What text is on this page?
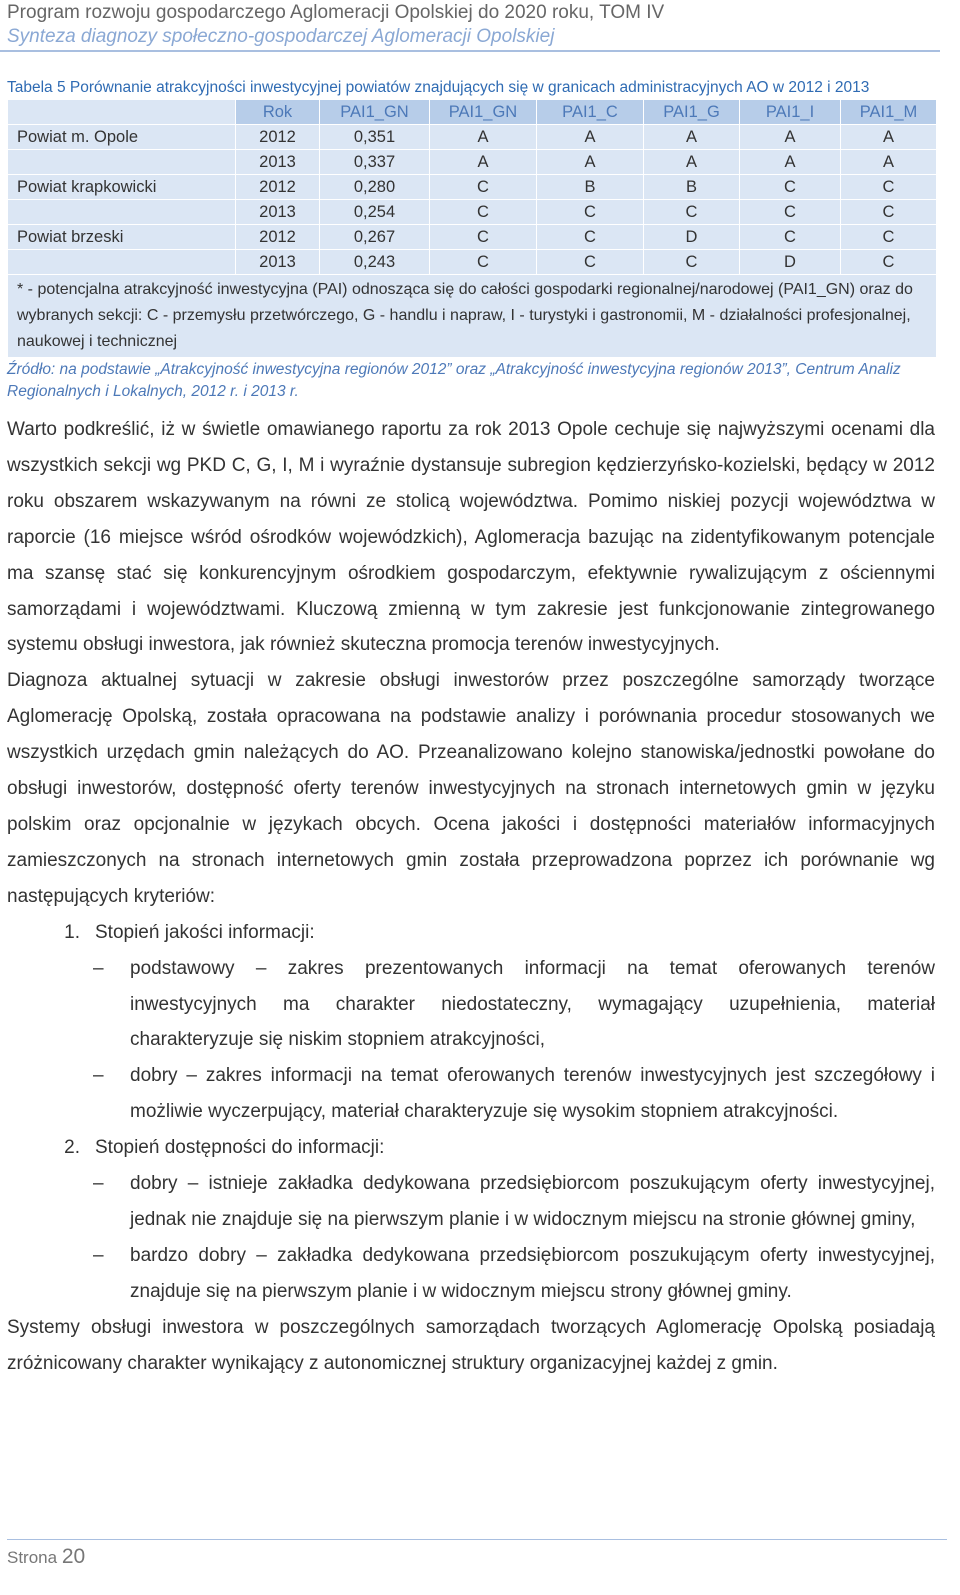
Program rozwoju gospodarczego Aglomeracji Opolskiej do 2020 roku, TOM IV
Synteza diagnozy społeczno-gospodarczej Aglomeracji Opolskiej
Tabela 5 Porównanie atrakcyjności inwestycyjnej powiatów znajdujących się w granicach administracyjnych AO w 2012 i 2013
	Rok	PAI1_GN	PAI1_GN	PAI1_C	PAI1_G	PAI1_I	PAI1_M
Powiat m. Opole	2012	0,351	A	A	A	A	A
	2013	0,337	A	A	A	A	A
Powiat krapkowicki	2012	0,280	C	B	B	C	C
	2013	0,254	C	C	C	C	C
Powiat brzeski	2012	0,267	C	C	D	C	C
	2013	0,243	C	C	C	D	C
* - potencjalna atrakcyjność inwestycyjna (PAI) odnosząca się do całości gospodarki regionalnej/narodowej (PAI1_GN) oraz do wybranych sekcji: C - przemysłu przetwórczego, G - handlu i napraw, I - turystyki i gastronomii, M - działalności profesjonalnej, naukowej i technicznej							
Źródło: na podstawie „Atrakcyjność inwestycyjna regionów 2012” oraz „Atrakcyjność inwestycyjna regionów 2013”, Centrum Analiz Regionalnych i Lokalnych, 2012 r. i 2013 r.

Warto podkreślić, iż w świetle omawianego raportu za rok 2013 Opole cechuje się najwyższymi ocenami dla wszystkich sekcji wg PKD C, G, I, M i wyraźnie dystansuje subregion kędzierzyńsko-kozielski, będący w 2012 roku obszarem wskazywanym na równi ze stolicą województwa. Pomimo niskiej pozycji województwa w raporcie (16 miejsce wśród ośrodków wojewódzkich), Aglomeracja bazując na zidentyfikowanym potencjale ma szansę stać się konkurencyjnym ośrodkiem gospodarczym, efektywnie rywalizującym z ościennymi samorządami i województwami. Kluczową zmienną w tym zakresie jest funkcjonowanie zintegrowanego systemu obsługi inwestora, jak również skuteczna promocja terenów inwestycyjnych.

Diagnoza aktualnej sytuacji w zakresie obsługi inwestorów przez poszczególne samorządy tworzące Aglomerację Opolską, została opracowana na podstawie analizy i porównania procedur stosowanych we wszystkich urzędach gmin należących do AO. Przeanalizowano kolejno stanowiska/jednostki powołane do obsługi inwestorów, dostępność oferty terenów inwestycyjnych na stronach internetowych gmin w języku polskim oraz opcjonalnie w językach obcych. Ocena jakości i dostępności materiałów informacyjnych zamieszczonych na stronach internetowych gmin została przeprowadzona poprzez ich porównanie wg następujących kryteriów:

1. Stopień jakości informacji:
–	podstawowy – zakres prezentowanych informacji na temat oferowanych terenów inwestycyjnych ma charakter niedostateczny, wymagający uzupełnienia, materiał charakteryzuje się niskim stopniem atrakcyjności,
–	dobry – zakres informacji na temat oferowanych terenów inwestycyjnych jest szczegółowy i możliwie wyczerpujący, materiał charakteryzuje się wysokim stopniem atrakcyjności.
2. Stopień dostępności do informacji:
–	dobry – istnieje zakładka dedykowana przedsiębiorcom poszukującym oferty inwestycyjnej, jednak nie znajduje się na pierwszym planie i w widocznym miejscu na stronie głównej gminy,
–	bardzo dobry – zakładka dedykowana przedsiębiorcom poszukującym oferty inwestycyjnej, znajduje się na pierwszym planie i w widocznym miejscu strony głównej gminy.

Systemy obsługi inwestora w poszczególnych samorządach tworzących Aglomerację Opolską posiadają zróżnicowany charakter wynikający z autonomicznej struktury organizacyjnej każdej z gmin.

Strona 20
